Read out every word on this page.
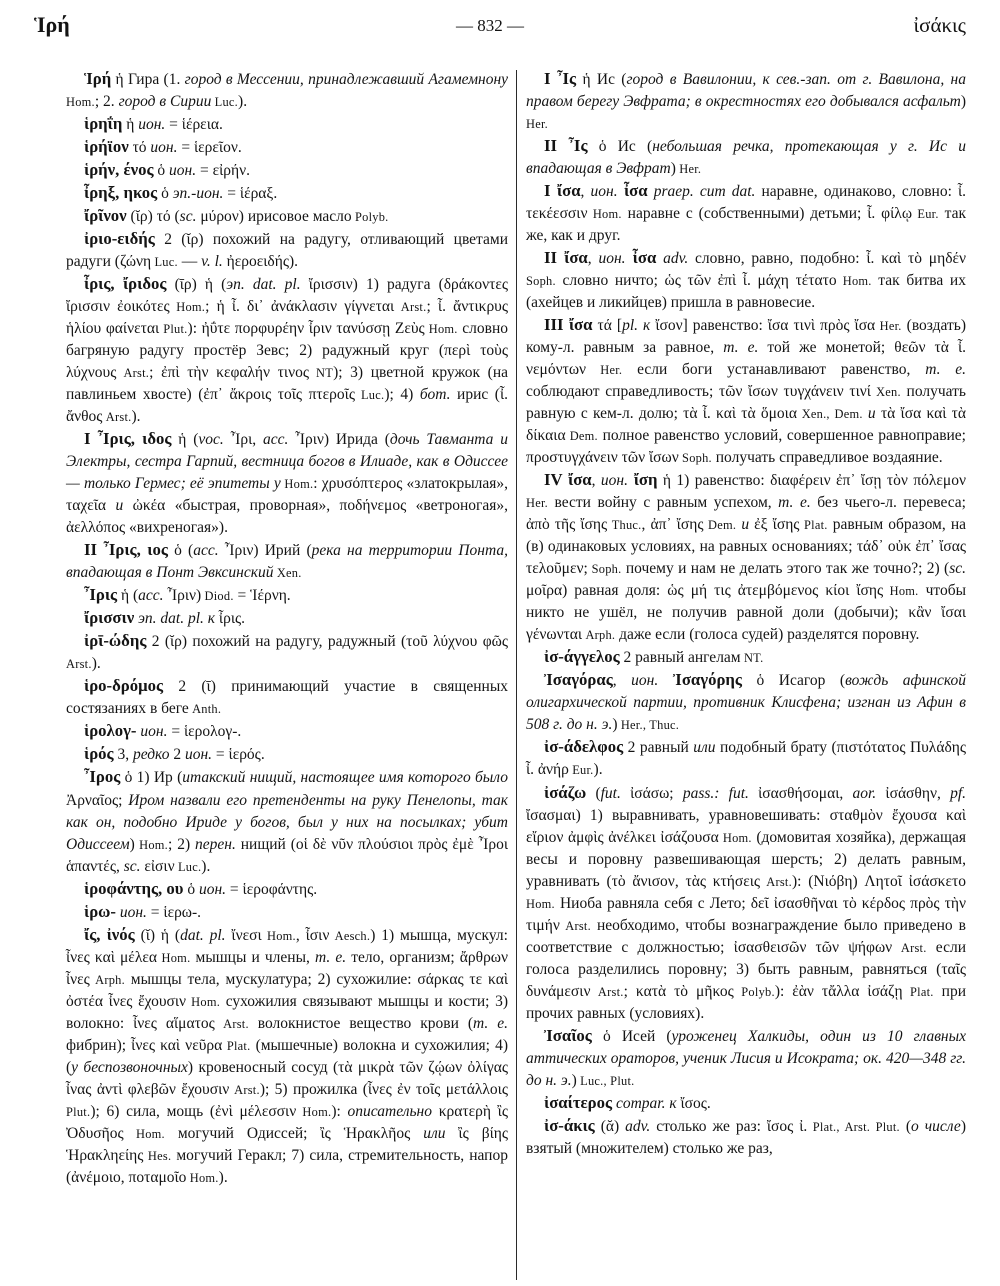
Ἱρή	— 832 —	ἰσάκις

Ἱρή ἡ Гира (1. город в Мессении, принадлежавший Агамемнону Hom.; 2. город в Сирии Luc.).

ἱρηΐη ἡ ион. = ἱέρεια.

ἱρήϊον τό ион. = ἱερεῖον.

ἱρήν, ένος ὁ ион. = εἰρήν.

ἶρηξ, ηκος ὁ эп.-ион. = ἱέραξ.

ἴρῖνον (ῐρ) τό (sc. μύρον) ирисовое масло Polyb.

ἰριο-ειδής 2 (ῐρ) похожий на радугу, отливающий цветами радуги (ζώνη Luc. — v. l. ἠεροειδής).

ἶρις, ἴριδος (ῑρ) ἡ (эп. dat. pl. ἴρισσιν) 1) радуга (δράκοντες ἴρισσιν ἐοικότες Hom.; ἡ ἶ. δι᾽ ἀνάκλασιν γίγνεται Arst.; ἶ. ἄντικρυς ἡλίου φαίνεται Plut.): ἠΰτε πορφυρέην ἶριν τανύσσῃ Ζεὺς Hom. словно багряную радугу простёр Зевс; 2) радужный круг (περὶ τοὺς λύχνους Arst.; ἐπὶ τὴν κεφαλήν τινος NT); 3) цветной кружок (на павлиньем хвосте) (ἐπ᾽ ἄκροις τοῖς πτεροῖς Luc.); 4) бот. ирис (ἶ. ἄνθος Arst.).

I Ἶρις, ιδος ἡ (voc. Ἶρι, acc. Ἶριν) Ирида (дочь Тавманта и Электры, сестра Гарпий, вестница богов в Илиаде, как в Одиссее — только Гермес; её эпитеты у Hom.: χρυσόπτερος «златокрылая», ταχεῖα и ὠκέα «быстрая, проворная», ποδήνεμος «ветроногая», ἀελλόπος «вихреногая»).

II Ἶρις, ιος ὁ (acc. Ἶριν) Ирий (река на территории Понта, впадающая в Понт Эвксинский Xen.

Ἶρις ἡ (acc. Ἶριν) Diod. = Ἱέρνη.

ἴρισσιν эп. dat. pl. к ἶρις.

ἰρῑ-ώδης 2 (ῐρ) похожий на радугу, радужный (τοῦ λύχνου φῶς Arst.).

ἱρο-δρόμος 2 (ῑ) принимающий участие в священных состязаниях в беге Anth.

ἱρολογ- ион. = ἱερολογ-.

ἱρός 3, редко 2 ион. = ἱερός.

Ἶρος ὁ 1) Ир (итакский нищий, настоящее имя которого было Ἀρναῖος; Иром назвали его претенденты на руку Пенелопы, так как он, подобно Ириде у богов, был у них на посылках; убит Одиссеем) Hom.; 2) перен. нищий (οἱ δὲ νῦν πλούσιοι πρὸς ἐμὲ Ἶροι ἁπαντές, sc. εἰσιν Luc.).

ἱροφάντης, ου ὁ ион. = ἱεροφάντης.

ἱρω- ион. = ἱερω-.

ἴς, ἰνός (ῐ) ἡ (dat. pl. ἴνεσι Hom., ἶσιν Aesch.) 1) мышца, мускул: ἶνες καὶ μέλεα Hom. мышцы и члены, т. е. тело, организм; ἄρθρων ἶνες Arph. мышцы тела, мускулатура; 2) сухожилие: σάρκας τε καὶ ὀστέα ἶνες ἔχουσιν Hom. сухожилия связывают мышцы и кости; 3) волокно: ἶνες αἵματος Arst. волокнистое вещество крови (т. е. фибрин); ἶνες καὶ νεῦρα Plat. (мышечные) волокна и сухожилия; 4) (у беспозвоночных) кровеносный сосуд (τὰ μικρὰ τῶν ζῴων ὀλίγας ἶνας ἀντὶ φλεβῶν ἔχουσιν Arst.); 5) прожилка (ἶνες ἐν τοῖς μετάλλοις Plut.); 6) сила, мощь (ἐνὶ μέλεσσιν Hom.): описательно κρατερὴ ἲς Ὀδυσῆος Hom. могучий Одиссей; ἲς Ἡρακλῆος или ἲς βίης Ἡρακληείης Hes. могучий Геракл; 7) сила, стремительность, напор (ἀνέμοιο, ποταμοῖο Hom.).

I Ἶς ἡ Ис (город в Вавилонии, к сев.-зап. от г. Вавилона, на правом берегу Эвфрата; в окрестностях его добывался асфальт) Her.

II Ἶς ὁ Ис (небольшая речка, протекающая у г. Ис и впадающая в Эвфрат) Her.

I ἴσα, ион. ἶσα praep. cum dat. наравне, одинаково, словно: ἶ. τεκέεσσιν Hom. наравне с (собственными) детьми; ἶ. φίλῳ Eur. так же, как и друг.

II ἴσα, ион. ἶσα adv. словно, равно, подобно: ἶ. καὶ τὸ μηδέν Soph. словно ничто; ὡς τῶν ἐπὶ ἶ. μάχη τέτατο Hom. так битва их (ахейцев и ликийцев) пришла в равновесие.

III ἴσα τά [pl. к ἴσον] равенство: ἴσα τινὶ πρὸς ἴσα Her. (воздать) кому-л. равным за равное, т. е. той же монетой; θεῶν τὰ ἶ. νεμόντων Her. если боги устанавливают равенство, т. е. соблюдают справедливость; τῶν ἴσων τυγχάνειν τινί Xen. получать равную с кем-л. долю; τὰ ἶ. καὶ τὰ ὅμοια Xen., Dem. и τὰ ἴσα καὶ τὰ δίκαια Dem. полное равенство условий, совершенное равноправие; προστυγχάνειν τῶν ἴσων Soph. получать справедливое воздаяние.

IV ἴσα, ион. ἴση ἡ 1) равенство: διαφέρειν ἐπ᾽ ἴσῃ τὸν πόλεμον Her. вести войну с равным успехом, т. е. без чьего-л. перевеса; ἀπὸ τῆς ἴσης Thuc., ἀπ᾽ ἴσης Dem. и ἐξ ἴσης Plat. равным образом, на (в) одинаковых условиях, на равных основаниях; τάδ᾽ οὐκ ἐπ᾽ ἴσας τελοῦμεν; Soph. почему и нам не делать этого так же точно?; 2) (sc. μοῖρα) равная доля: ὡς μή τις ἀτεμβόμενος κίοι ἴσης Hom. чтобы никто не ушёл, не получив равной доли (добычи); κἂν ἴσαι γένωνται Arph. даже если (голоса судей) разделятся поровну.

ἰσ-άγγελος 2 равный ангелам NT.

Ἰσαγόρας, ион. Ἰσαγόρης ὁ Исагор (вождь афинской олигархической партии, противник Клисфена; изгнан из Афин в 508 г. до н. э.) Her., Thuc.

ἰσ-άδελφος 2 равный или подобный брату (πιστότατος Πυλάδης ἶ. ἀνήρ Eur.).

ἰσάζω (fut. ἰσάσω; pass.: fut. ἰσασθήσομαι, aor. ἰσάσθην, pf. ἴσασμαι) 1) выравнивать, уравновешивать: σταθμὸν ἔχουσα καὶ εἴριον ἀμφὶς ἀνέλκει ἰσάζουσα Hom. (домовитая хозяйка), держащая весы и поровну развешивающая шерсть; 2) делать равным, уравнивать (τὸ ἄνισον, τὰς κτήσεις Arst.): (Νιόβη) Λητοῖ ἰσάσκετο Hom. Ниоба равняла себя с Лето; δεῖ ἰσασθῆναι τὸ κέρδος πρὸς τὴν τιμήν Arst. необходимо, чтобы вознаграждение было приведено в соответствие с должностью; ἰσασθεισῶν τῶν ψήφων Arst. если голоса разделились поровну; 3) быть равным, равняться (ταῖς δυνάμεσιν Arst.; κατὰ τὸ μῆκος Polyb.): ἐὰν τἄλλα ἰσάζῃ Plat. при прочих равных (условиях).

Ἰσαῖος ὁ Исей (уроженец Халкиды, один из 10 главных аттических ораторов, ученик Лисия и Исократа; ок. 420—348 гг. до н. э.) Luc., Plut.

ἰσαίτερος compar. к ἴσος.

ἰσ-άκις (ᾰ) adv. столько же раз: ἴσος ἰ. Plat., Arst. Plut. (о числе) взятый (множителем) столько же раз,
